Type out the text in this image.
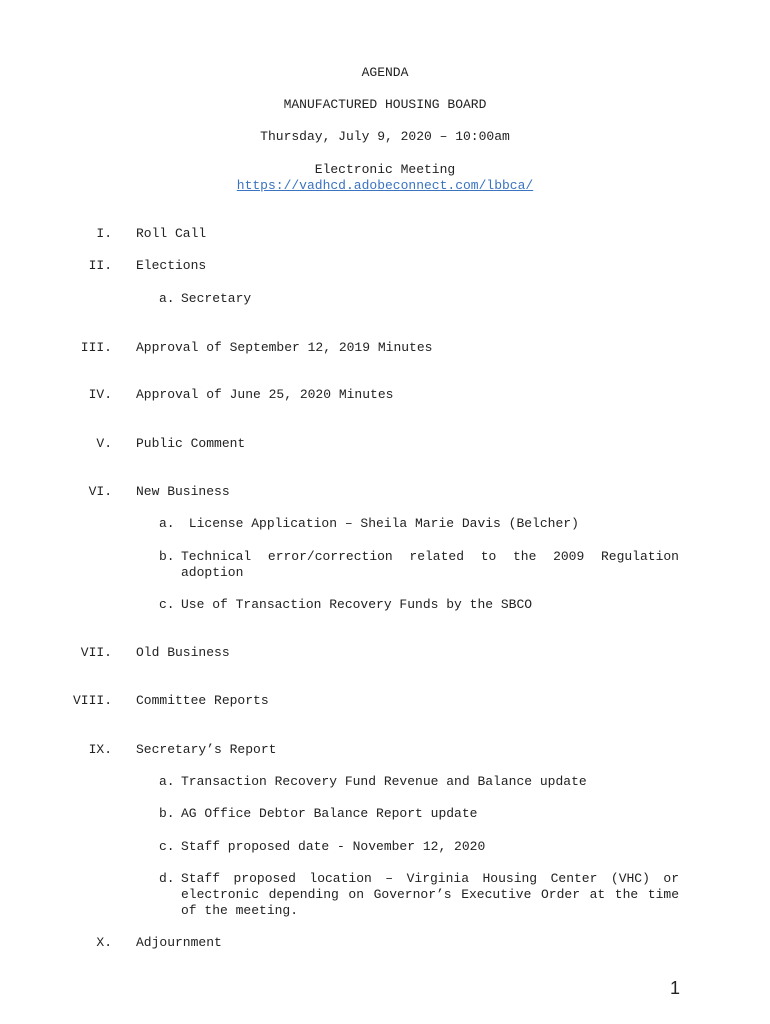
AGENDA
MANUFACTURED HOUSING BOARD
Thursday, July 9, 2020 – 10:00am
Electronic Meeting
https://vadhcd.adobeconnect.com/lbbca/
I. Roll Call
II. Elections
a. Secretary
III. Approval of September 12, 2019 Minutes
IV. Approval of June 25, 2020 Minutes
V. Public Comment
VI. New Business
a. License Application – Sheila Marie Davis (Belcher)
b. Technical error/correction related to the 2009 Regulation adoption
c. Use of Transaction Recovery Funds by the SBCO
VII. Old Business
VIII. Committee Reports
IX. Secretary’s Report
a. Transaction Recovery Fund Revenue and Balance update
b. AG Office Debtor Balance Report update
c. Staff proposed date - November 12, 2020
d. Staff proposed location – Virginia Housing Center (VHC) or electronic depending on Governor’s Executive Order at the time of the meeting.
X. Adjournment
1
